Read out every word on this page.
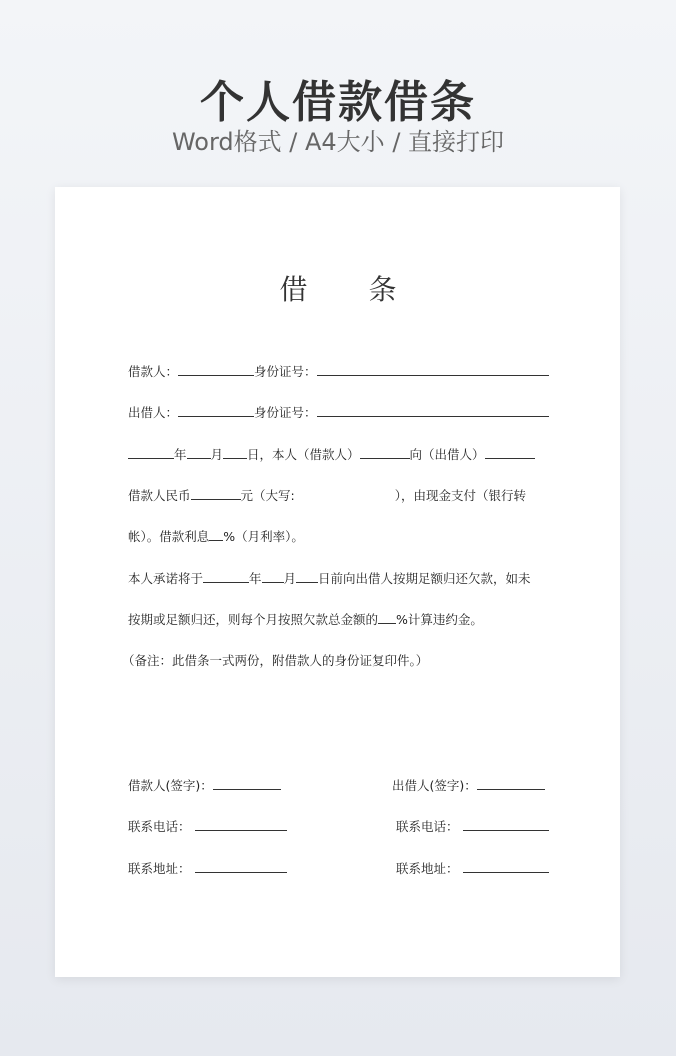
个人借款借条
Word格式 / A4大小 / 直接打印
借 条
借款人：	身份证号：
出借人：	身份证号：
年 月 日，本人（借款人）	向（出借人）
借款人民币	元（大写:	），由现金支付（银行转
帐）。借款利息 %（月利率）。
本人承诺将于	年 月 日前向出借人按期足额归还欠款，如未
按期或足额归还，则每个月按照欠款总金额的 %计算违约金。
（备注：此借条一式两份，附借款人的身份证复印件。）
借款人(签字)：	出借人(签字)：
联系电话：	联系电话：
联系地址：	联系地址：
